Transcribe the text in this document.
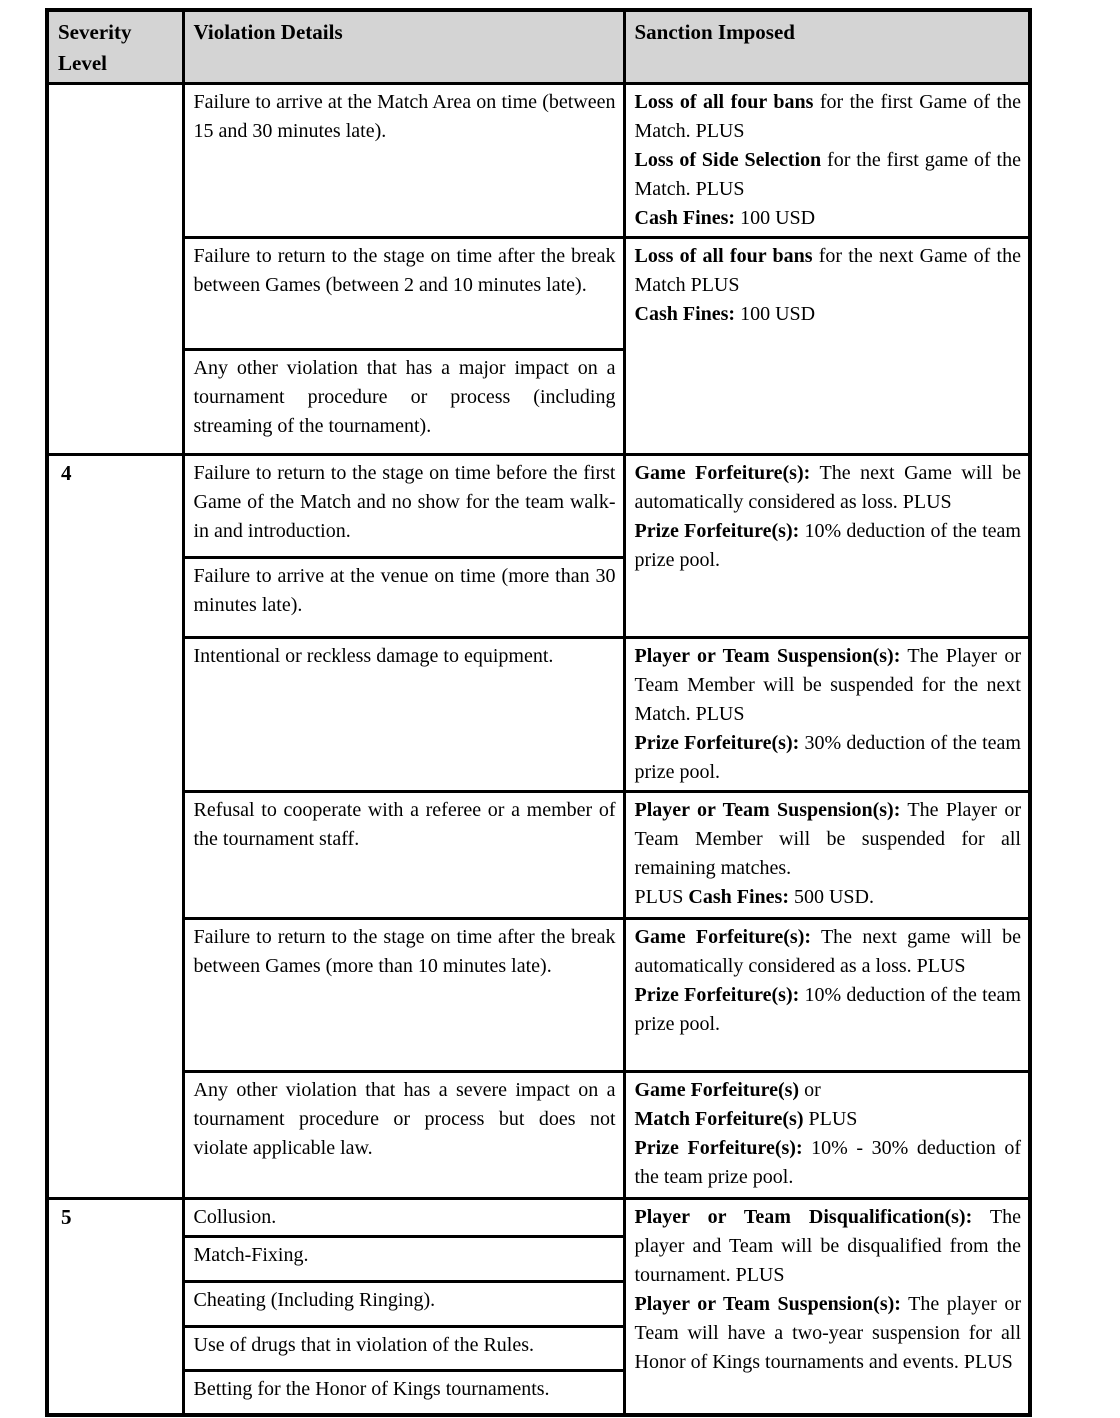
Severity Level	Violation Details	Sanction Imposed
	Failure to arrive at the Match Area on time (between 15 and 30 minutes late).	Loss of all four bans for the first Game of the Match. PLUS
Loss of Side Selection for the first game of the Match. PLUS
Cash Fines: 100 USD

	Failure to return to the stage on time after the break between Games (between 2 and 10 minutes late).	Loss of all four bans for the next Game of the Match PLUS
Cash Fines: 100 USD

	Any other violation that has a major impact on a tournament procedure or process (including streaming of the tournament).	
4	Failure to return to the stage on time before the first Game of the Match and no show for the team walk-in and introduction.	Game Forfeiture(s): The next Game will be automatically considered as loss. PLUS
Prize Forfeiture(s): 10% deduction of the team prize pool.

	Failure to arrive at the venue on time (more than 30 minutes late).	
	Intentional or reckless damage to equipment.	Player or Team Suspension(s): The Player or Team Member will be suspended for the next Match. PLUS
Prize Forfeiture(s): 30% deduction of the team prize pool.

	Refusal to cooperate with a referee or a member of the tournament staff.	Player or Team Suspension(s): The Player or Team Member will be suspended for all remaining matches.
PLUS Cash Fines: 500 USD.

	Failure to return to the stage on time after the break between Games (more than 10 minutes late).	Game Forfeiture(s): The next game will be automatically considered as a loss. PLUS
Prize Forfeiture(s): 10% deduction of the team prize pool.

	Any other violation that has a severe impact on a tournament procedure or process but does not violate applicable law.	Game Forfeiture(s) or
Match Forfeiture(s) PLUS
Prize Forfeiture(s): 10% - 30% deduction of the team prize pool.

5	Collusion.	Player or Team Disqualification(s): The player and Team will be disqualified from the tournament. PLUS
Player or Team Suspension(s): The player or Team will have a two-year suspension for all Honor of Kings tournaments and events. PLUS

	Match-Fixing.	
	Cheating (Including Ringing).	
	Use of drugs that in violation of the Rules.	
	Betting for the Honor of Kings tournaments.	
